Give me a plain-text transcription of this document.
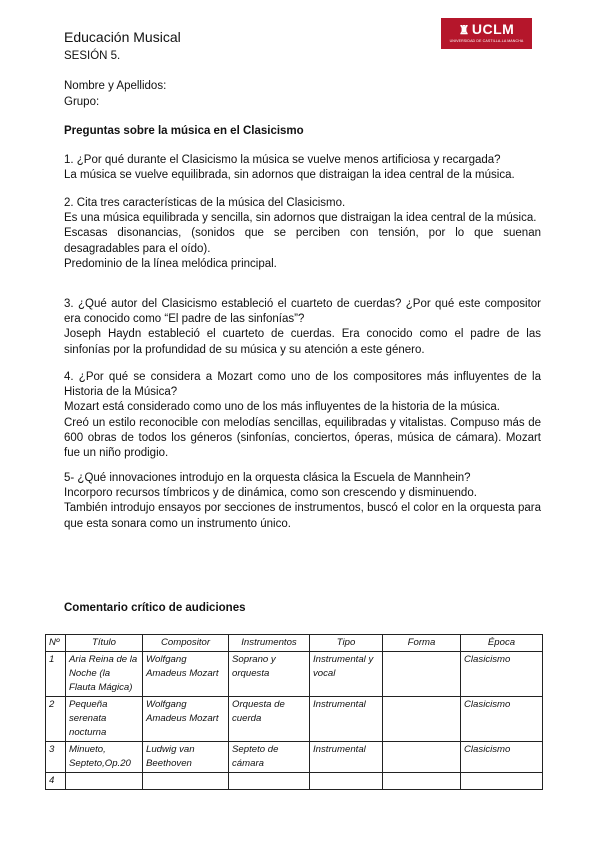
Educación Musical
SESIÓN 5.
♜ UCLM
UNIVERSIDAD DE CASTILLA-LA MANCHA
Nombre y Apellidos:
Grupo:
Preguntas sobre la música en el Clasicismo

1. ¿Por qué durante el Clasicismo la música se vuelve menos artificiosa y recargada?

La música se vuelve equilibrada, sin adornos que distraigan la idea central de la música.

2. Cita tres características de la música del Clasicismo.

Es una música equilibrada y sencilla, sin adornos que distraigan la idea central de la música.

Escasas disonancias, (sonidos que se perciben con tensión, por lo que suenan desagradables para el oído).

Predominio de la línea melódica principal.

3. ¿Qué autor del Clasicismo estableció el cuarteto de cuerdas? ¿Por qué este compositor era conocido como “El padre de las sinfonías”?

Joseph Haydn estableció el cuarteto de cuerdas. Era conocido como el padre de las sinfonías por la profundidad de su música y su atención a este género.

4. ¿Por qué se considera a Mozart como uno de los compositores más influyentes de la Historia de la Música?

Mozart está considerado como uno de los más influyentes de la historia de la música.

Creó un estilo reconocible con melodías sencillas, equilibradas y vitalistas. Compuso más de 600 obras de todos los géneros (sinfonías, conciertos, óperas, música de cámara). Mozart fue un niño prodigio.

5- ¿Qué innovaciones introdujo en la orquesta clásica la Escuela de Mannhein?

Incorporo recursos tímbricos y de dinámica, como son crescendo y disminuendo.

También introdujo ensayos por secciones de instrumentos, buscó el color en la orquesta para que esta sonara como un instrumento único.

Comentario crítico de audiciones
Nº	Título	Compositor	Instrumentos	Tipo	Forma	Época
1	Aria Reina de la Noche (la Flauta Mágica)	Wolfgang Amadeus Mozart	Soprano y orquesta	Instrumental y vocal		Clasicismo
2	Pequeña serenata nocturna	Wolfgang Amadeus Mozart	Orquesta de cuerda	Instrumental		Clasicismo
3	Minueto, Septeto,Op.20	Ludwig van Beethoven	Septeto de cámara	Instrumental		Clasicismo
4						
